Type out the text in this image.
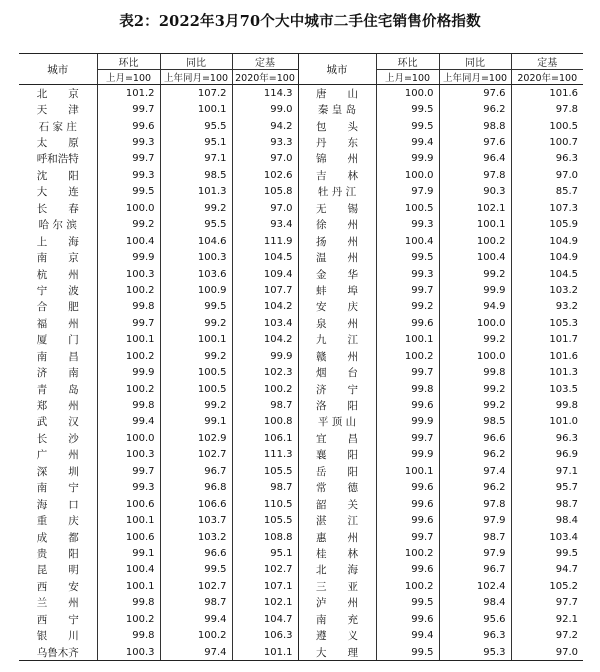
表2：2022年3月70个大中城市二手住宅销售价格指数
城市	环比	同比	定基	城市	环比	同比	定基
	上月=100	上年同月=100	2020年=100		上月=100	上年同月=100	2020年=100
北　　京	101.2	107.2	114.3	唐　　山	100.0	97.6	101.6
天　　津	99.7	100.1	99.0	秦 皇 岛	99.5	96.2	97.8
石 家 庄	99.6	95.5	94.2	包　　头	99.5	98.8	100.5
太　　原	99.3	95.1	93.3	丹　　东	99.4	97.6	100.7
呼和浩特	99.7	97.1	97.0	锦　　州	99.9	96.4	96.3
沈　　阳	99.3	98.5	102.6	吉　　林	100.0	97.8	97.0
大　　连	99.5	101.3	105.8	牡 丹 江	97.9	90.3	85.7
长　　春	100.0	99.2	97.0	无　　锡	100.5	102.1	107.3
哈 尔 滨	99.2	95.5	93.4	徐　　州	99.3	100.1	105.9
上　　海	100.4	104.6	111.9	扬　　州	100.4	100.2	104.9
南　　京	99.9	100.3	104.5	温　　州	99.5	100.4	104.9
杭　　州	100.3	103.6	109.4	金　　华	99.3	99.2	104.5
宁　　波	100.2	100.9	107.7	蚌　　埠	99.7	99.9	103.2
合　　肥	99.8	99.5	104.2	安　　庆	99.2	94.9	93.2
福　　州	99.7	99.2	103.4	泉　　州	99.6	100.0	105.3
厦　　门	100.1	100.1	104.2	九　　江	100.1	99.2	101.7
南　　昌	100.2	99.2	99.9	赣　　州	100.2	100.0	101.6
济　　南	99.9	100.5	102.3	烟　　台	99.7	99.8	101.3
青　　岛	100.2	100.5	100.2	济　　宁	99.8	99.2	103.5
郑　　州	99.8	99.2	98.7	洛　　阳	99.6	99.2	99.8
武　　汉	99.4	99.1	100.8	平 顶 山	99.9	98.5	101.0
长　　沙	100.0	102.9	106.1	宜　　昌	99.7	96.6	96.3
广　　州	100.3	102.7	111.3	襄　　阳	99.9	96.2	96.9
深　　圳	99.7	96.7	105.5	岳　　阳	100.1	97.4	97.1
南　　宁	99.3	96.8	98.7	常　　德	99.6	96.2	95.7
海　　口	100.6	106.6	110.5	韶　　关	99.6	97.8	98.7
重　　庆	100.1	103.7	105.5	湛　　江	99.6	97.9	98.4
成　　都	100.6	103.2	108.8	惠　　州	99.7	98.7	103.4
贵　　阳	99.1	96.6	95.1	桂　　林	100.2	97.9	99.5
昆　　明	100.4	99.5	102.7	北　　海	99.6	96.7	94.7
西　　安	100.1	102.7	107.1	三　　亚	100.2	102.4	105.2
兰　　州	99.8	98.7	102.1	泸　　州	99.5	98.4	97.7
西　　宁	100.2	99.4	104.7	南　　充	99.6	95.6	92.1
银　　川	99.8	100.2	106.3	遵　　义	99.4	96.3	97.2
乌鲁木齐	100.3	97.4	101.1	大　　理	99.5	95.3	97.0
